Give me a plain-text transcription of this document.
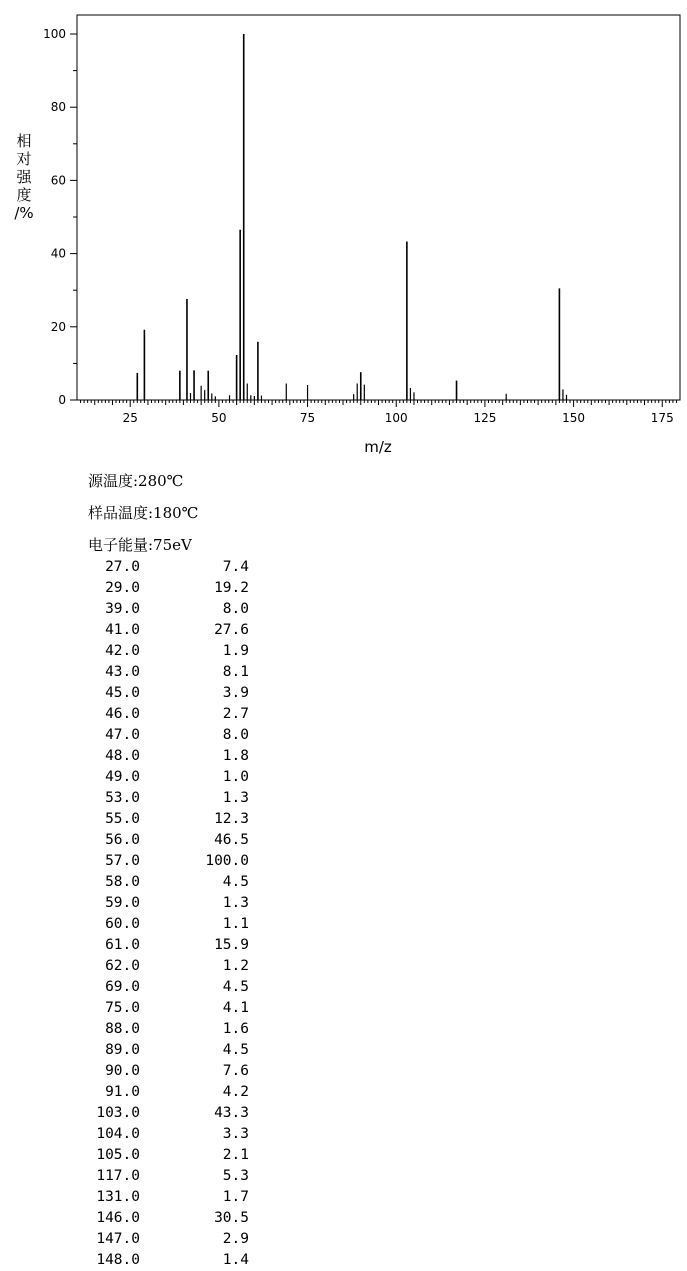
25	50	75	100	125	150	175
0
20
40
60
80
100
m/z
相
对
强
度
/%
源温度:280℃
样品温度:180℃
电子能量:75eV
27.0	7.4
29.0	19.2
39.0	8.0
41.0	27.6
42.0	1.9
43.0	8.1
45.0	3.9
46.0	2.7
47.0	8.0
48.0	1.8
49.0	1.0
53.0	1.3
55.0	12.3
56.0	46.5
57.0	100.0
58.0	4.5
59.0	1.3
60.0	1.1
61.0	15.9
62.0	1.2
69.0	4.5
75.0	4.1
88.0	1.6
89.0	4.5
90.0	7.6
91.0	4.2
103.0	43.3
104.0	3.3
105.0	2.1
117.0	5.3
131.0	1.7
146.0	30.5
147.0	2.9
148.0	1.4
